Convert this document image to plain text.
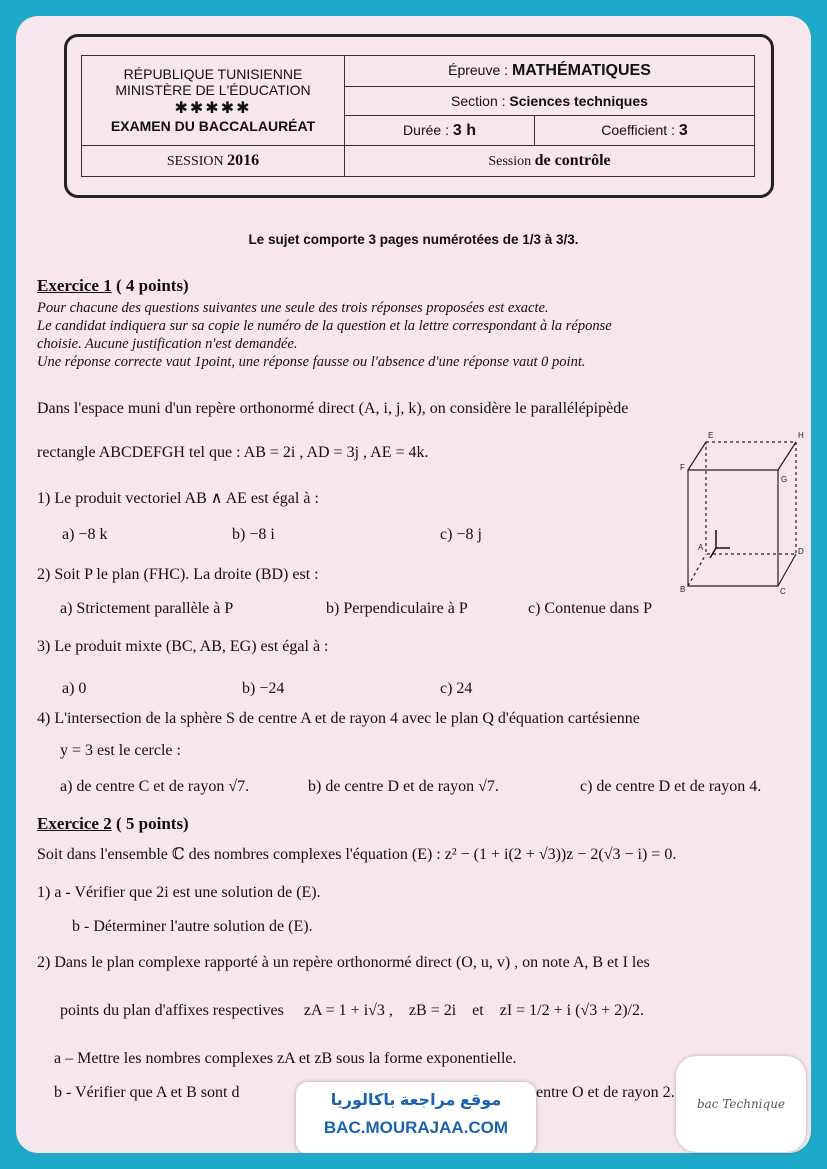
RÉPUBLIQUE TUNISIENNE
MINISTÈRE DE L'ÉDUCATION
✱✱✱✱✱
EXAMEN DU BACCALAURÉAT	Épreuve : MATHÉMATIQUES	
	Section : Sciences techniques	
	Durée : 3 h	Coefficient : 3
SESSION 2016	Session de contrôle	
Le sujet comporte 3 pages numérotées de 1/3 à 3/3.
Exercice 1 ( 4 points)
Pour chacune des questions suivantes une seule des trois réponses proposées est exacte.
Le candidat indiquera sur sa copie le numéro de la question et la lettre correspondant à la réponse
choisie. Aucune justification n'est demandée.
Une réponse correcte vaut 1point, une réponse fausse ou l'absence d'une réponse vaut 0 point.
Dans l'espace muni d'un repère orthonormé direct (A, i, j, k), on considère le parallélépipède
rectangle ABCDEFGH tel que : AB = 2i , AD = 3j , AE = 4k.
1) Le produit vectoriel AB ∧ AE est égal à :
a) −8 k	b) −8 i	c) −8 j
2) Soit P le plan (FHC). La droite (BD) est :
a) Strictement parallèle à P	b) Perpendiculaire à P	c) Contenue dans P
3) Le produit mixte (BC, AB, EG) est égal à :
a) 0	b) −24	c) 24
4) L'intersection de la sphère S de centre A et de rayon 4 avec le plan Q d'équation cartésienne
y = 3 est le cercle :
a) de centre C et de rayon √7.	b) de centre D et de rayon √7.	c) de centre D et de rayon 4.
E	H
F
G
A	D
B	C
Exercice 2 ( 5 points)
Soit dans l'ensemble ℂ des nombres complexes l'équation (E) : z² − (1 + i(2 + √3))z − 2(√3 − i) = 0.
1) a - Vérifier que 2i est une solution de (E).
b - Déterminer l'autre solution de (E).
2) Dans le plan complexe rapporté à un repère orthonormé direct (O, u, v) , on note A, B et I les
points du plan d'affixes respectives zA = 1 + i√3 , zB = 2i et zI = 1/2 + i (√3 + 2)/2.
a – Mettre les nombres complexes zA et zB sous la forme exponentielle.
b - Vérifier que A et B sont d	entre O et de rayon 2.
موقع مراجعة باكالوريا
BAC.MOURAJAA.COM
bac Technique
